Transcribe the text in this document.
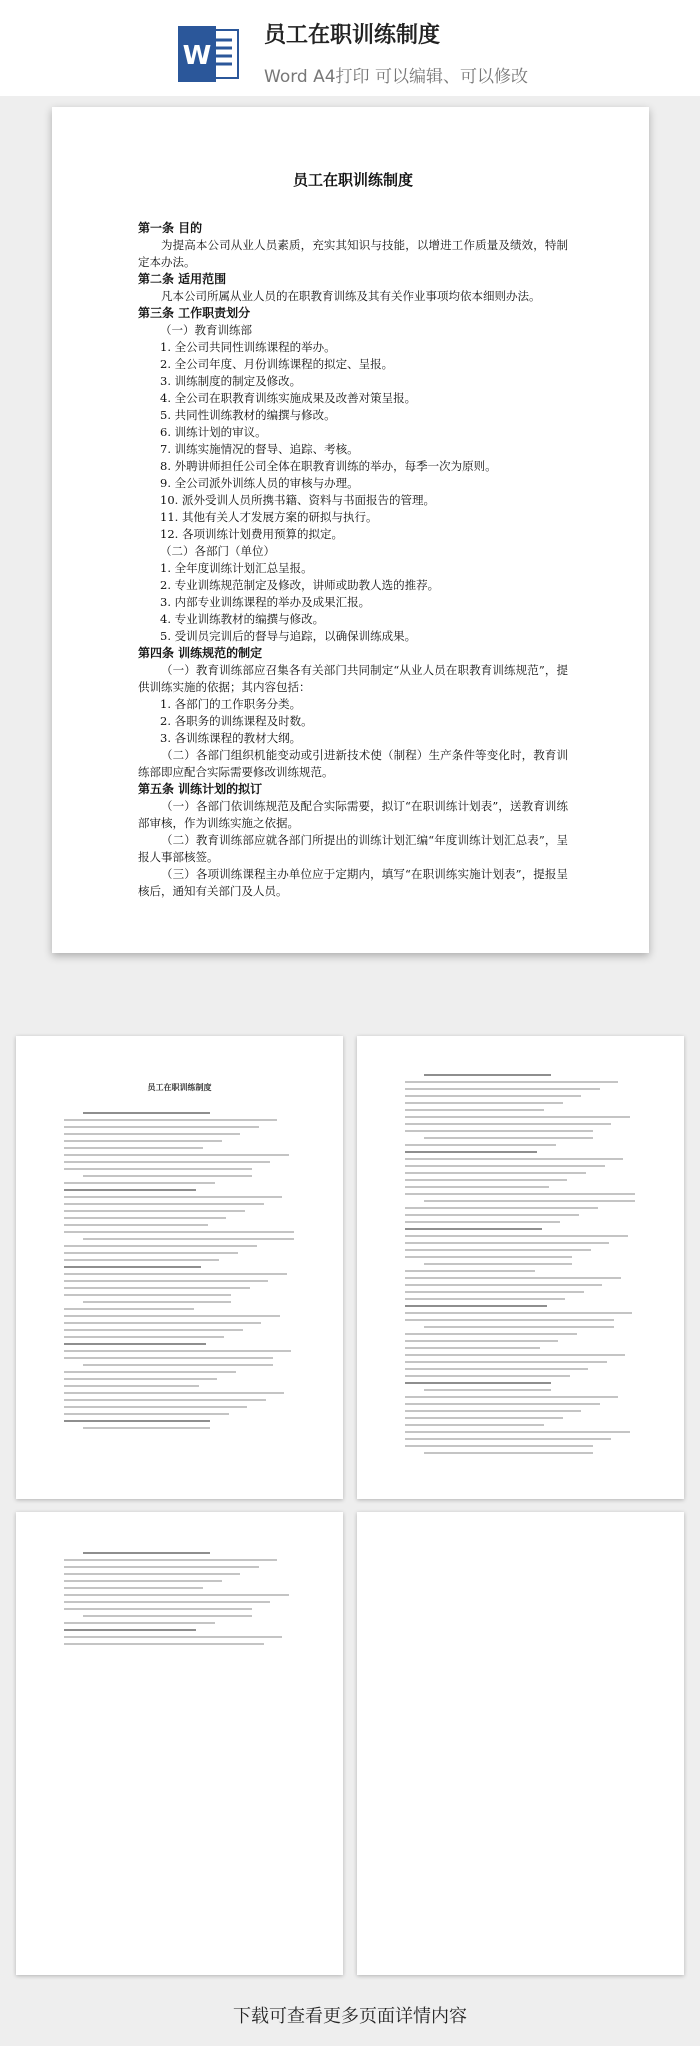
W
员工在职训练制度
Word A4打印 可以编辑、可以修改
员工在职训练制度
第一条 目的
为提高本公司从业人员素质，充实其知识与技能，以增进工作质量及绩效，特制定本办法。
第二条 适用范围
凡本公司所属从业人员的在职教育训练及其有关作业事项均依本细则办法。
第三条 工作职责划分
（一）教育训练部
1. 全公司共同性训练课程的举办。
2. 全公司年度、月份训练课程的拟定、呈报。
3. 训练制度的制定及修改。
4. 全公司在职教育训练实施成果及改善对策呈报。
5. 共同性训练教材的编撰与修改。
6. 训练计划的审议。
7. 训练实施情况的督导、追踪、考核。
8. 外聘讲师担任公司全体在职教育训练的举办，每季一次为原则。
9. 全公司派外训练人员的审核与办理。
10. 派外受训人员所携书籍、资料与书面报告的管理。
11. 其他有关人才发展方案的研拟与执行。
12. 各项训练计划费用预算的拟定。
（二）各部门（单位）
1. 全年度训练计划汇总呈报。
2. 专业训练规范制定及修改，讲师或助教人选的推荐。
3. 内部专业训练课程的举办及成果汇报。
4. 专业训练教材的编撰与修改。
5. 受训员完训后的督导与追踪，以确保训练成果。
第四条 训练规范的制定
（一）教育训练部应召集各有关部门共同制定“从业人员在职教育训练规范”，提供训练实施的依据；其内容包括：
1. 各部门的工作职务分类。
2. 各职务的训练课程及时数。
3. 各训练课程的教材大纲。
（二）各部门组织机能变动或引进新技术使（制程）生产条件等变化时，教育训练部即应配合实际需要修改训练规范。
第五条 训练计划的拟订
（一）各部门依训练规范及配合实际需要，拟订“在职训练计划表”，送教育训练部审核，作为训练实施之依据。
（二）教育训练部应就各部门所提出的训练计划汇编“年度训练计划汇总表”，呈报人事部核签。
（三）各项训练课程主办单位应于定期内，填写“在职训练实施计划表”，提报呈核后，通知有关部门及人员。
员工在职训练制度
下载可查看更多页面详情内容
